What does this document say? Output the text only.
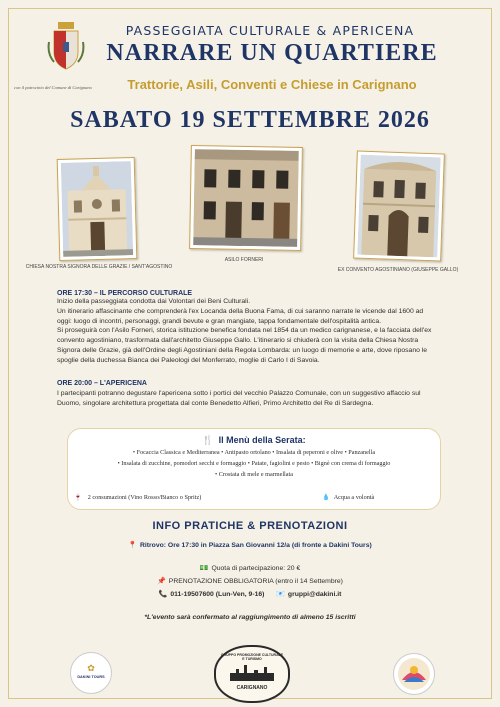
con il patrocinio del Comune di Carignano
PASSEGGIATA CULTURALE & APERICENA
NARRARE UN QUARTIERE
Trattorie, Asili, Conventi e Chiese in Carignano
SABATO 19 SETTEMBRE 2026
CHIESA NOSTRA SIGNORA DELLE GRAZIE / SANT'AGOSTINO
ASILO FORNERI
EX CONVENTO AGOSTINIANO (GIUSEPPE GALLO)
ORE 17:30 – IL PERCORSO CULTURALE
Inizio della passeggiata condotta dai Volontari dei Beni Culturali.
Un itinerario affascinante che comprenderà l'ex Locanda della Buona Fama, di cui saranno narrate le vicende dal 1600 ad
oggi: luogo di incontri, personaggi, grandi bevute e gran mangiate, tappa fondamentale dell'ospitalità antica.
Si proseguirà con l'Asilo Forneri, storica istituzione benefica fondata nel 1854 da un medico carignanese, e la facciata dell'ex
convento agostiniano, trasformata dall'architetto Giuseppe Gallo. L'itinerario si chiuderà con la visita della Chiesa Nostra
Signora delle Grazie, già dell'Ordine degli Agostiniani della Regola Lombarda: un luogo di memorie e arte, dove riposano le
spoglie della duchessa Bianca dei Paleologi del Monferrato, moglie di Carlo I di Savoia.
ORE 20:00 – L'APERICENA
I partecipanti potranno degustare l'apericena sotto i portici del vecchio Palazzo Comunale, con un suggestivo affaccio sul
Duomo, singolare architettura progettata dal conte Benedetto Alfieri, Primo Architetto del Re di Sardegna.
🍴 Il Menù della Serata:
• Focaccia Classica e Mediterranea • Antipasto ortolano • Insalata di peperoni e olive • Panzanella
• Insalata di zucchine, pomodori secchi e formaggio • Patate, fagiolini e pesto • Bignè con crema di formaggio
• Crostata di mele e marmellata
🍷 2 consumazioni (Vino Rosso/Bianco o Spritz)	💧 Acqua a volontà
INFO PRATICHE & PRENOTAZIONI
📍 Ritrovo: Ore 17:30 in Piazza San Giovanni 12/a (di fronte a Dakini Tours)
💵 Quota di partecipazione: 20 €
📌 PRENOTAZIONE OBBLIGATORIA (entro il 14 Settembre)
📞 011-19507600 (Lun-Ven, 9-16) 📧 gruppi@dakini.it
*L'evento sarà confermato al raggiungimento di almeno 15 iscritti
✿
DAKINI TOURS
GRUPPO PROMOZIONE CULTURALE E TURISMO
CARIGNANO
